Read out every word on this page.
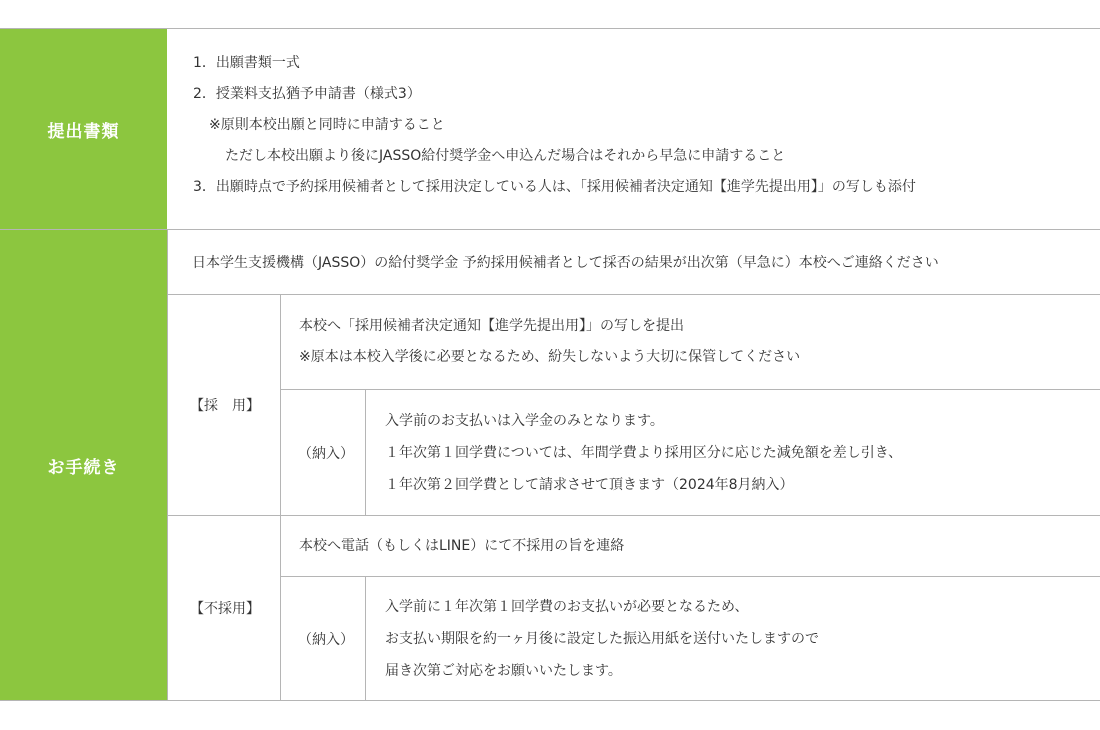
提出書類
1．出願書類一式
2．授業料支払猶予申請書（様式3）
※原則本校出願と同時に申請すること
ただし本校出願より後にJASSO給付奨学金へ申込んだ場合はそれから早急に申請すること
3．出願時点で予約採用候補者として採用決定している人は、「採用候補者決定通知【進学先提出用】」の写しも添付
お手続き
日本学生支援機構（JASSO）の給付奨学金 予約採用候補者として採否の結果が出次第（早急に）本校へご連絡ください
【採　用】
本校へ「採用候補者決定通知【進学先提出用】」の写しを提出
※原本は本校入学後に必要となるため、紛失しないよう大切に保管してください
（納入）
入学前のお支払いは入学金のみとなります。
１年次第１回学費については、年間学費より採用区分に応じた減免額を差し引き、
１年次第２回学費として請求させて頂きます（2024年8月納入）
【不採用】
本校へ電話（もしくはLINE）にて不採用の旨を連絡
（納入）
入学前に１年次第１回学費のお支払いが必要となるため、
お支払い期限を約一ヶ月後に設定した振込用紙を送付いたしますので
届き次第ご対応をお願いいたします。
